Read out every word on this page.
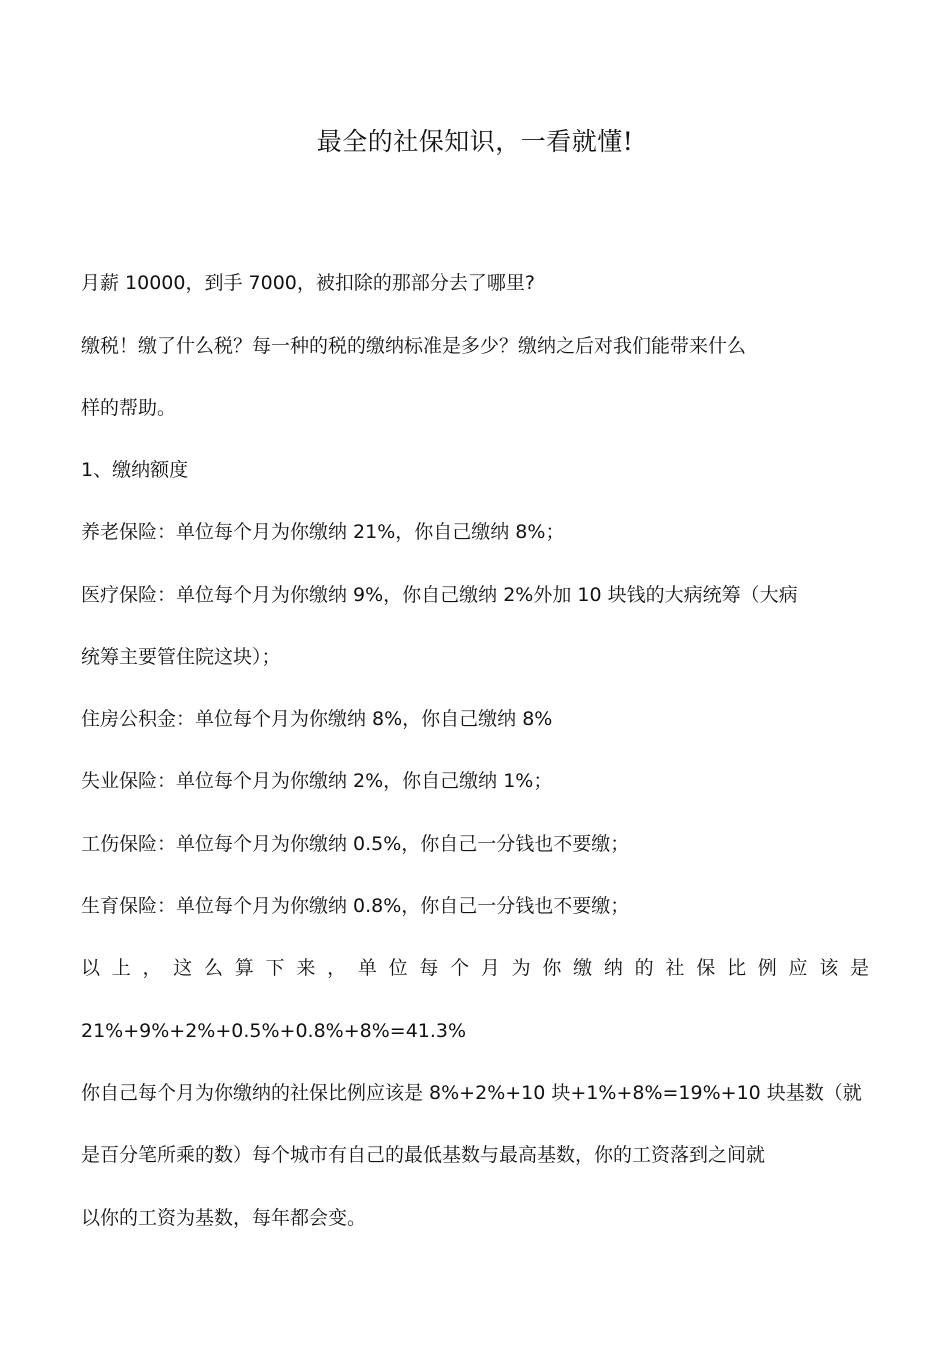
最全的社保知识，一看就懂!
月薪 10000，到手 7000，被扣除的那部分去了哪里?
缴税！缴了什么税？每一种的税的缴纳标准是多少？缴纳之后对我们能带来什么
样的帮助。
1、缴纳额度
养老保险：单位每个月为你缴纳 21%，你自己缴纳 8%；
医疗保险：单位每个月为你缴纳 9%，你自己缴纳 2%外加 10 块钱的大病统筹（大病
统筹主要管住院这块）；
住房公积金：单位每个月为你缴纳 8%，你自己缴纳 8%
失业保险：单位每个月为你缴纳 2%，你自己缴纳 1%；
工伤保险：单位每个月为你缴纳 0.5%，你自己一分钱也不要缴；
生育保险：单位每个月为你缴纳 0.8%，你自己一分钱也不要缴；
以上，这么算下来，单位每个月为你缴纳的社保比例应该是
21%+9%+2%+0.5%+0.8%+8%=41.3%
你自己每个月为你缴纳的社保比例应该是 8%+2%+10 块+1%+8%=19%+10 块基数（就
是百分笔所乘的数）每个城市有自己的最低基数与最高基数，你的工资落到之间就
以你的工资为基数，每年都会变。
